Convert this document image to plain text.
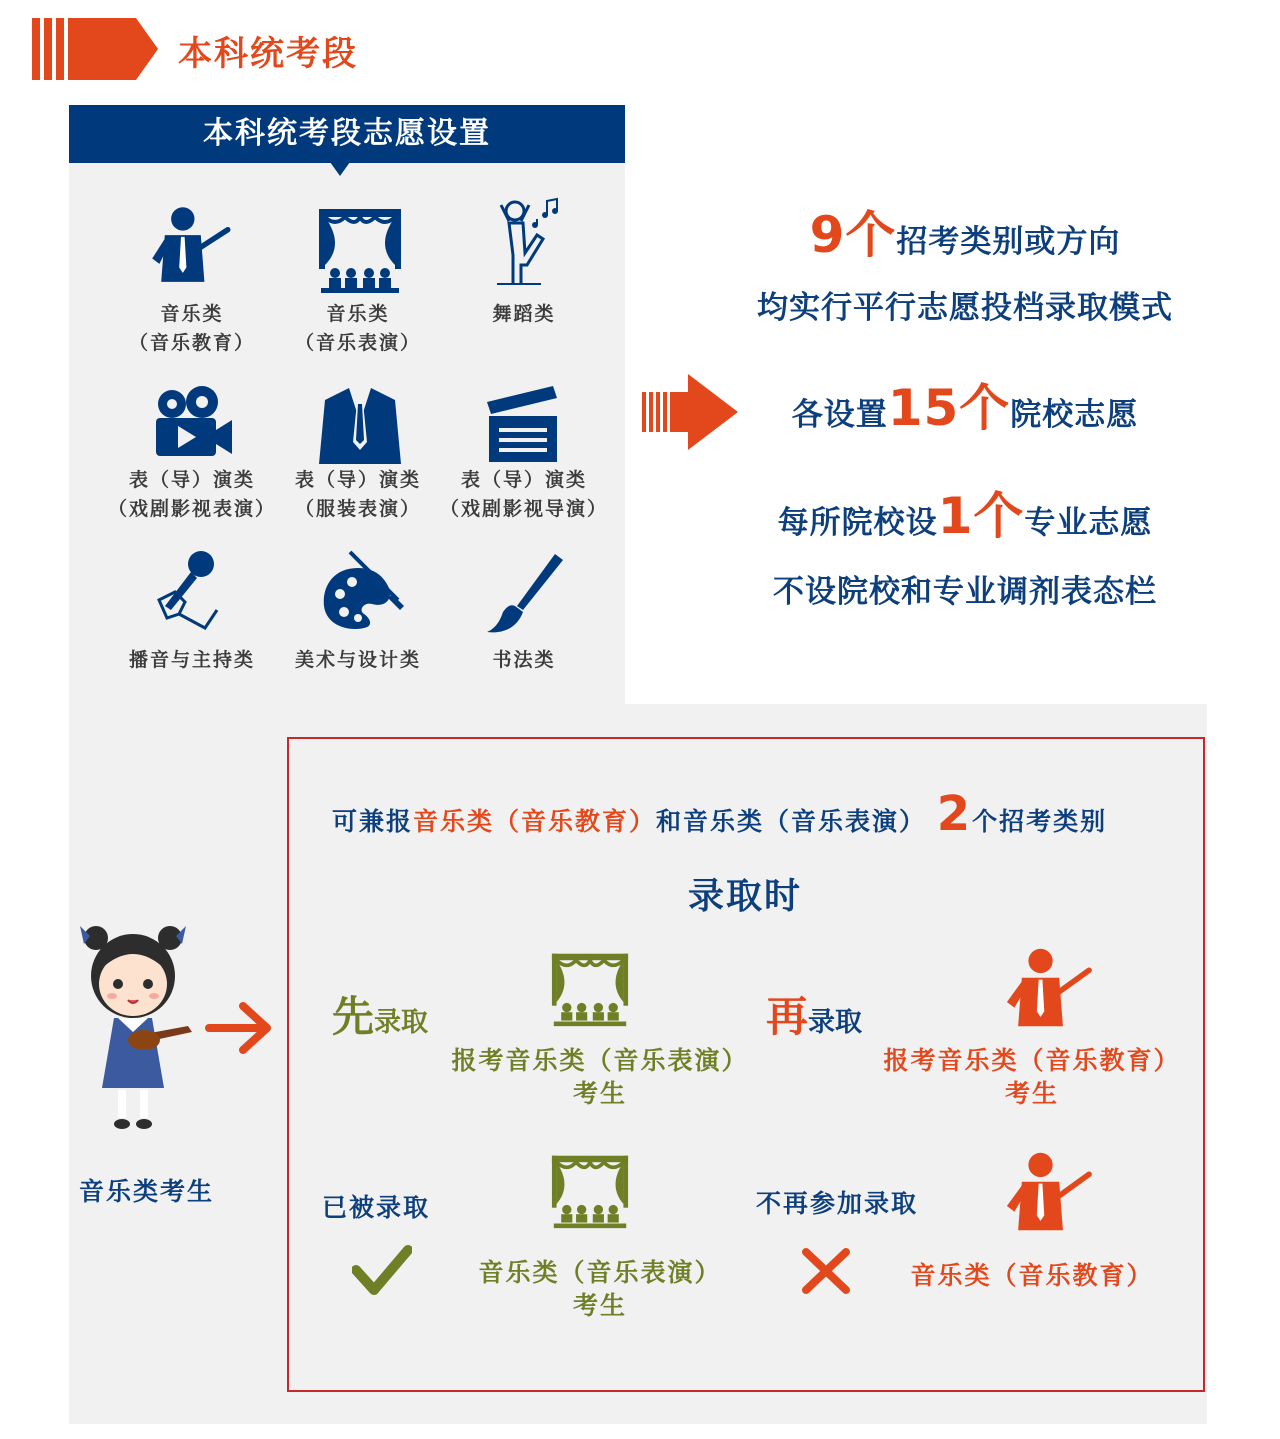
本科统考段
本科统考段志愿设置
音乐类
（音乐教育）
音乐类
（音乐表演）
舞蹈类
表（导）演类
（戏剧影视表演）
表（导）演类
（服装表演）
表（导）演类
（戏剧影视导演）
播音与主持类	美术与设计类	书法类
9个招考类别或方向
均实行平行志愿投档录取模式
各设置15个院校志愿
每所院校设1个专业志愿
不设院校和专业调剂表态栏
音乐类考生
可兼报音乐类（音乐教育）和音乐类（音乐表演） 2个招考类别
录取时
先录取
报考音乐类（音乐表演）
考生
再录取
报考音乐类（音乐教育）
考生
已被录取
音乐类（音乐表演）
考生
不再参加录取
音乐类（音乐教育）
